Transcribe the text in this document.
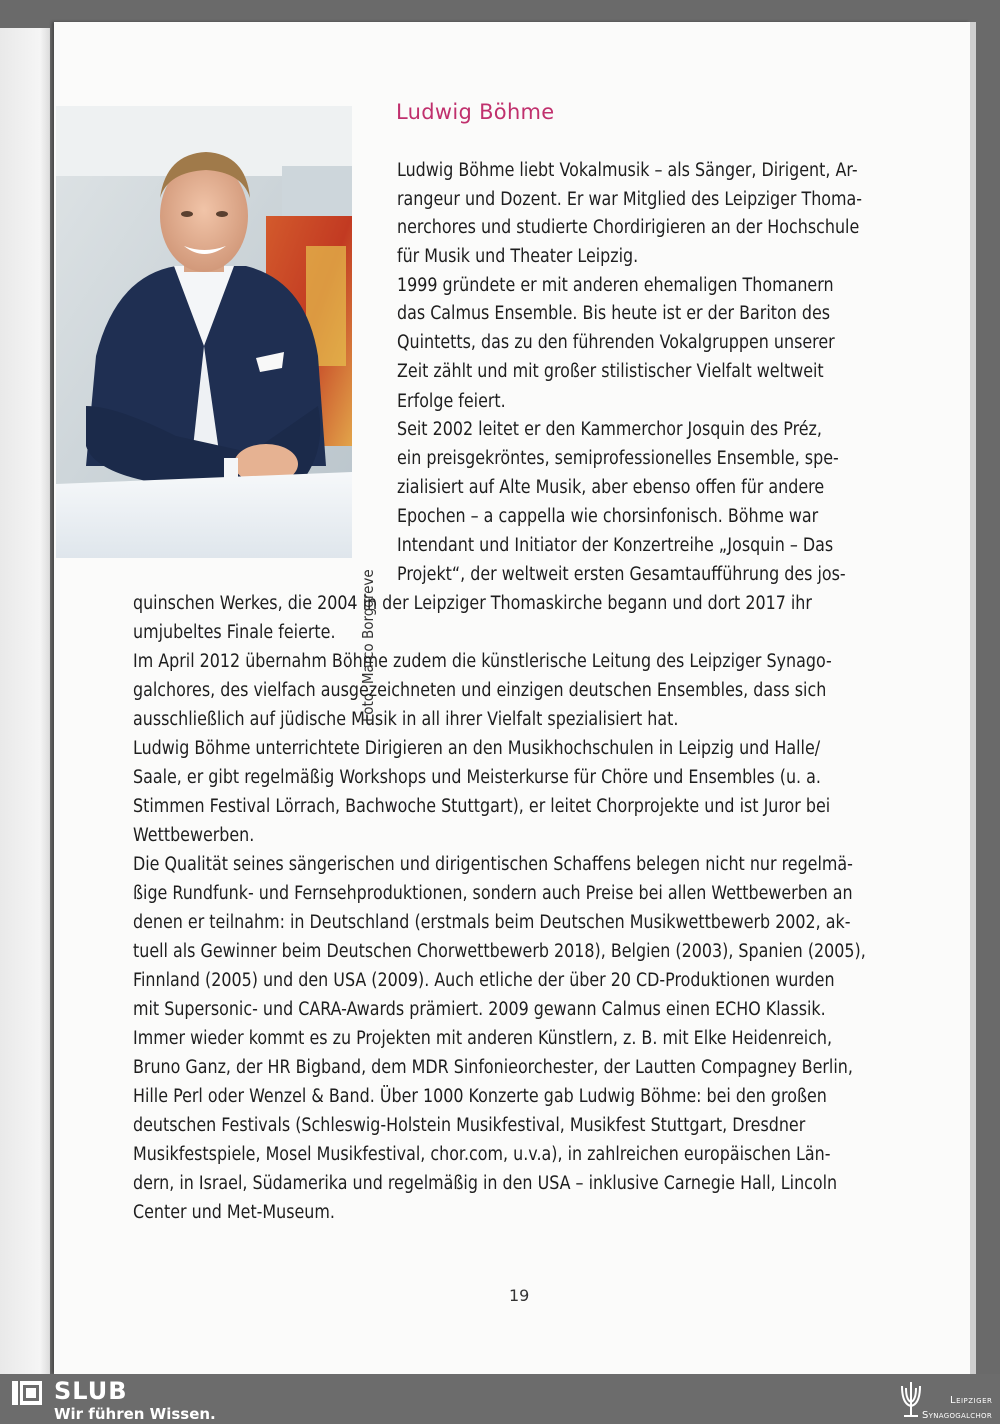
Foto: Marco Borggreve
Ludwig Böhme
Ludwig Böhme liebt Vokalmusik – als Sänger, Dirigent, Ar-
rangeur und Dozent. Er war Mitglied des Leipziger Thoma-
nerchores und studierte Chordirigieren an der Hochschule
für Musik und Theater Leipzig.
1999 gründete er mit anderen ehemaligen Thomanern
das Calmus Ensemble. Bis heute ist er der Bariton des
Quintetts, das zu den führenden Vokalgruppen unserer
Zeit zählt und mit großer stilistischer Vielfalt weltweit
Erfolge feiert.
Seit 2002 leitet er den Kammerchor Josquin des Préz,
ein preisgekröntes, semiprofessionelles Ensemble, spe-
zialisiert auf Alte Musik, aber ebenso offen für andere
Epochen – a cappella wie chorsinfonisch. Böhme war
Intendant und Initiator der Konzertreihe „Josquin – Das
Projekt“, der weltweit ersten Gesamtaufführung des jos-
quinschen Werkes, die 2004 in der Leipziger Thomaskirche begann und dort 2017 ihr
umjubeltes Finale feierte.
Im April 2012 übernahm Böhme zudem die künstlerische Leitung des Leipziger Synago-
galchores, des vielfach ausgezeichneten und einzigen deutschen Ensembles, dass sich
ausschließlich auf jüdische Musik in all ihrer Vielfalt spezialisiert hat.
Ludwig Böhme unterrichtete Dirigieren an den Musikhochschulen in Leipzig und Halle/
Saale, er gibt regelmäßig Workshops und Meisterkurse für Chöre und Ensembles (u. a.
Stimmen Festival Lörrach, Bachwoche Stuttgart), er leitet Chorprojekte und ist Juror bei
Wettbewerben.
Die Qualität seines sängerischen und dirigentischen Schaffens belegen nicht nur regelmä-
ßige Rundfunk- und Fernsehproduktionen, sondern auch Preise bei allen Wettbewerben an
denen er teilnahm: in Deutschland (erstmals beim Deutschen Musikwettbewerb 2002, ak-
tuell als Gewinner beim Deutschen Chorwettbewerb 2018), Belgien (2003), Spanien (2005),
Finnland (2005) und den USA (2009). Auch etliche der über 20 CD-Produktionen wurden
mit Supersonic- und CARA-Awards prämiert. 2009 gewann Calmus einen ECHO Klassik.
Immer wieder kommt es zu Projekten mit anderen Künstlern, z. B. mit Elke Heidenreich,
Bruno Ganz, der HR Bigband, dem MDR Sinfonieorchester, der Lautten Compagney Berlin,
Hille Perl oder Wenzel & Band. Über 1000 Konzerte gab Ludwig Böhme: bei den großen
deutschen Festivals (Schleswig-Holstein Musikfestival, Musikfest Stuttgart, Dresdner
Musikfestspiele, Mosel Musikfestival, chor.com, u.v.a), in zahlreichen europäischen Län-
dern, in Israel, Südamerika und regelmäßig in den USA – inklusive Carnegie Hall, Lincoln
Center und Met-Museum.
19
SLUB
Wir führen Wissen.
Leipziger
Synagogalchor
